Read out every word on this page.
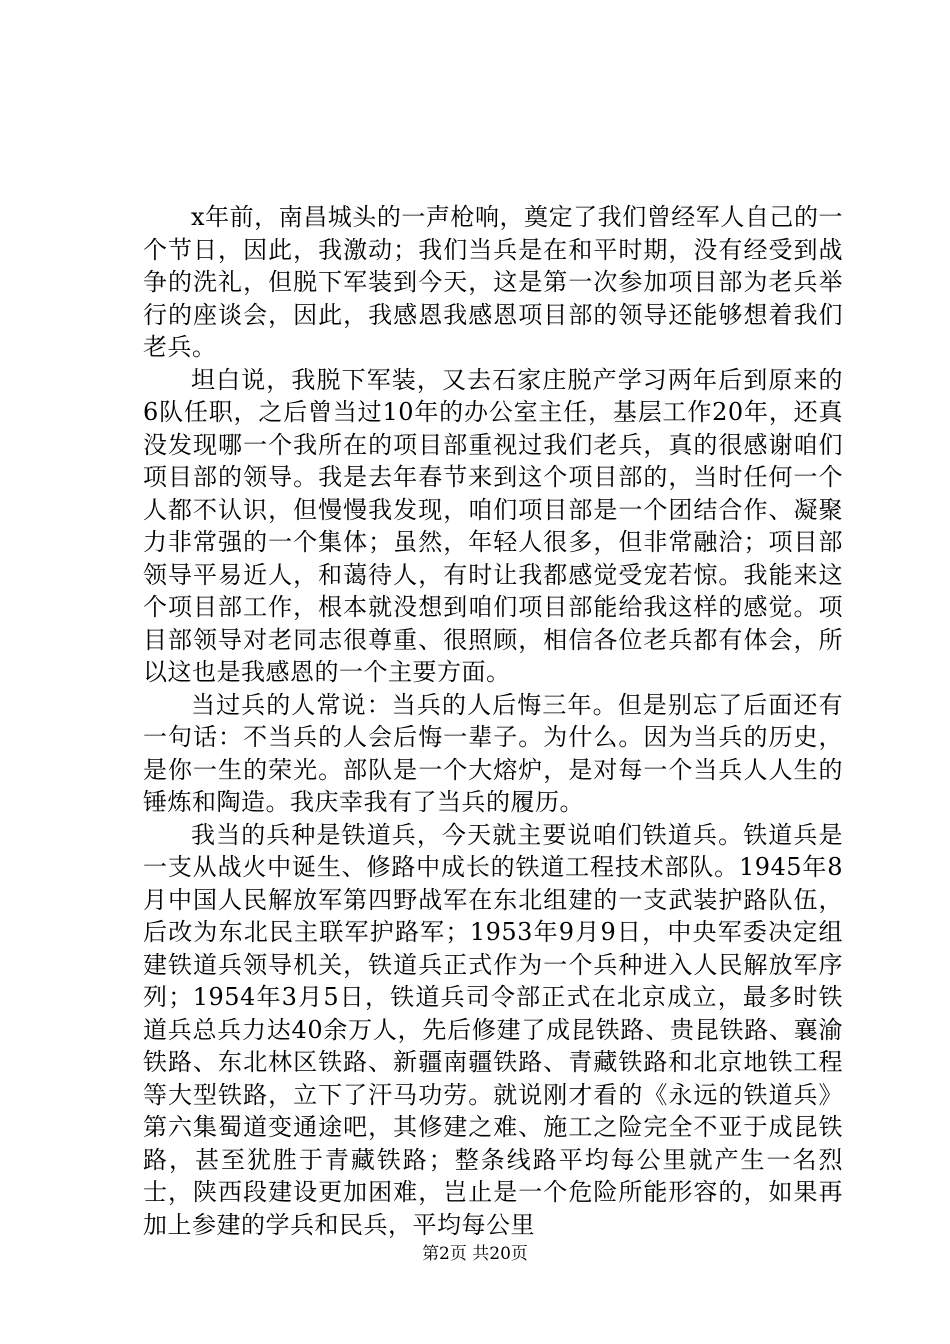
x年前，南昌城头的一声枪响，奠定了我们曾经军人自己的一个节日，因此，我激动；我们当兵是在和平时期，没有经受到战争的洗礼，但脱下军装到今天，这是第一次参加项目部为老兵举行的座谈会，因此，我感恩我感恩项目部的领导还能够想着我们老兵。

坦白说，我脱下军装，又去石家庄脱产学习两年后到原来的6队任职，之后曾当过10年的办公室主任，基层工作20年，还真没发现哪一个我所在的项目部重视过我们老兵，真的很感谢咱们项目部的领导。我是去年春节来到这个项目部的，当时任何一个人都不认识，但慢慢我发现，咱们项目部是一个团结合作、凝聚力非常强的一个集体；虽然，年轻人很多，但非常融洽；项目部领导平易近人，和蔼待人，有时让我都感觉受宠若惊。我能来这个项目部工作，根本就没想到咱们项目部能给我这样的感觉。项目部领导对老同志很尊重、很照顾，相信各位老兵都有体会，所以这也是我感恩的一个主要方面。

当过兵的人常说：当兵的人后悔三年。但是别忘了后面还有一句话：不当兵的人会后悔一辈子。为什么。因为当兵的历史，是你一生的荣光。部队是一个大熔炉，是对每一个当兵人人生的锤炼和陶造。我庆幸我有了当兵的履历。

我当的兵种是铁道兵，今天就主要说咱们铁道兵。铁道兵是一支从战火中诞生、修路中成长的铁道工程技术部队。1945年8月中国人民解放军第四野战军在东北组建的一支武装护路队伍，后改为东北民主联军护路军；1953年9月9日，中央军委决定组建铁道兵领导机关，铁道兵正式作为一个兵种进入人民解放军序列；1954年3月5日，铁道兵司令部正式在北京成立，最多时铁道兵总兵力达40余万人，先后修建了成昆铁路、贵昆铁路、襄渝铁路、东北林区铁路、新疆南疆铁路、青藏铁路和北京地铁工程等大型铁路，立下了汗马功劳。就说刚才看的《永远的铁道兵》第六集蜀道变通途吧，其修建之难、施工之险完全不亚于成昆铁路，甚至犹胜于青藏铁路；整条线路平均每公里就产生一名烈士，陕西段建设更加困难，岂止是一个危险所能形容的，如果再加上参建的学兵和民兵，平均每公里

第2页 共20页
